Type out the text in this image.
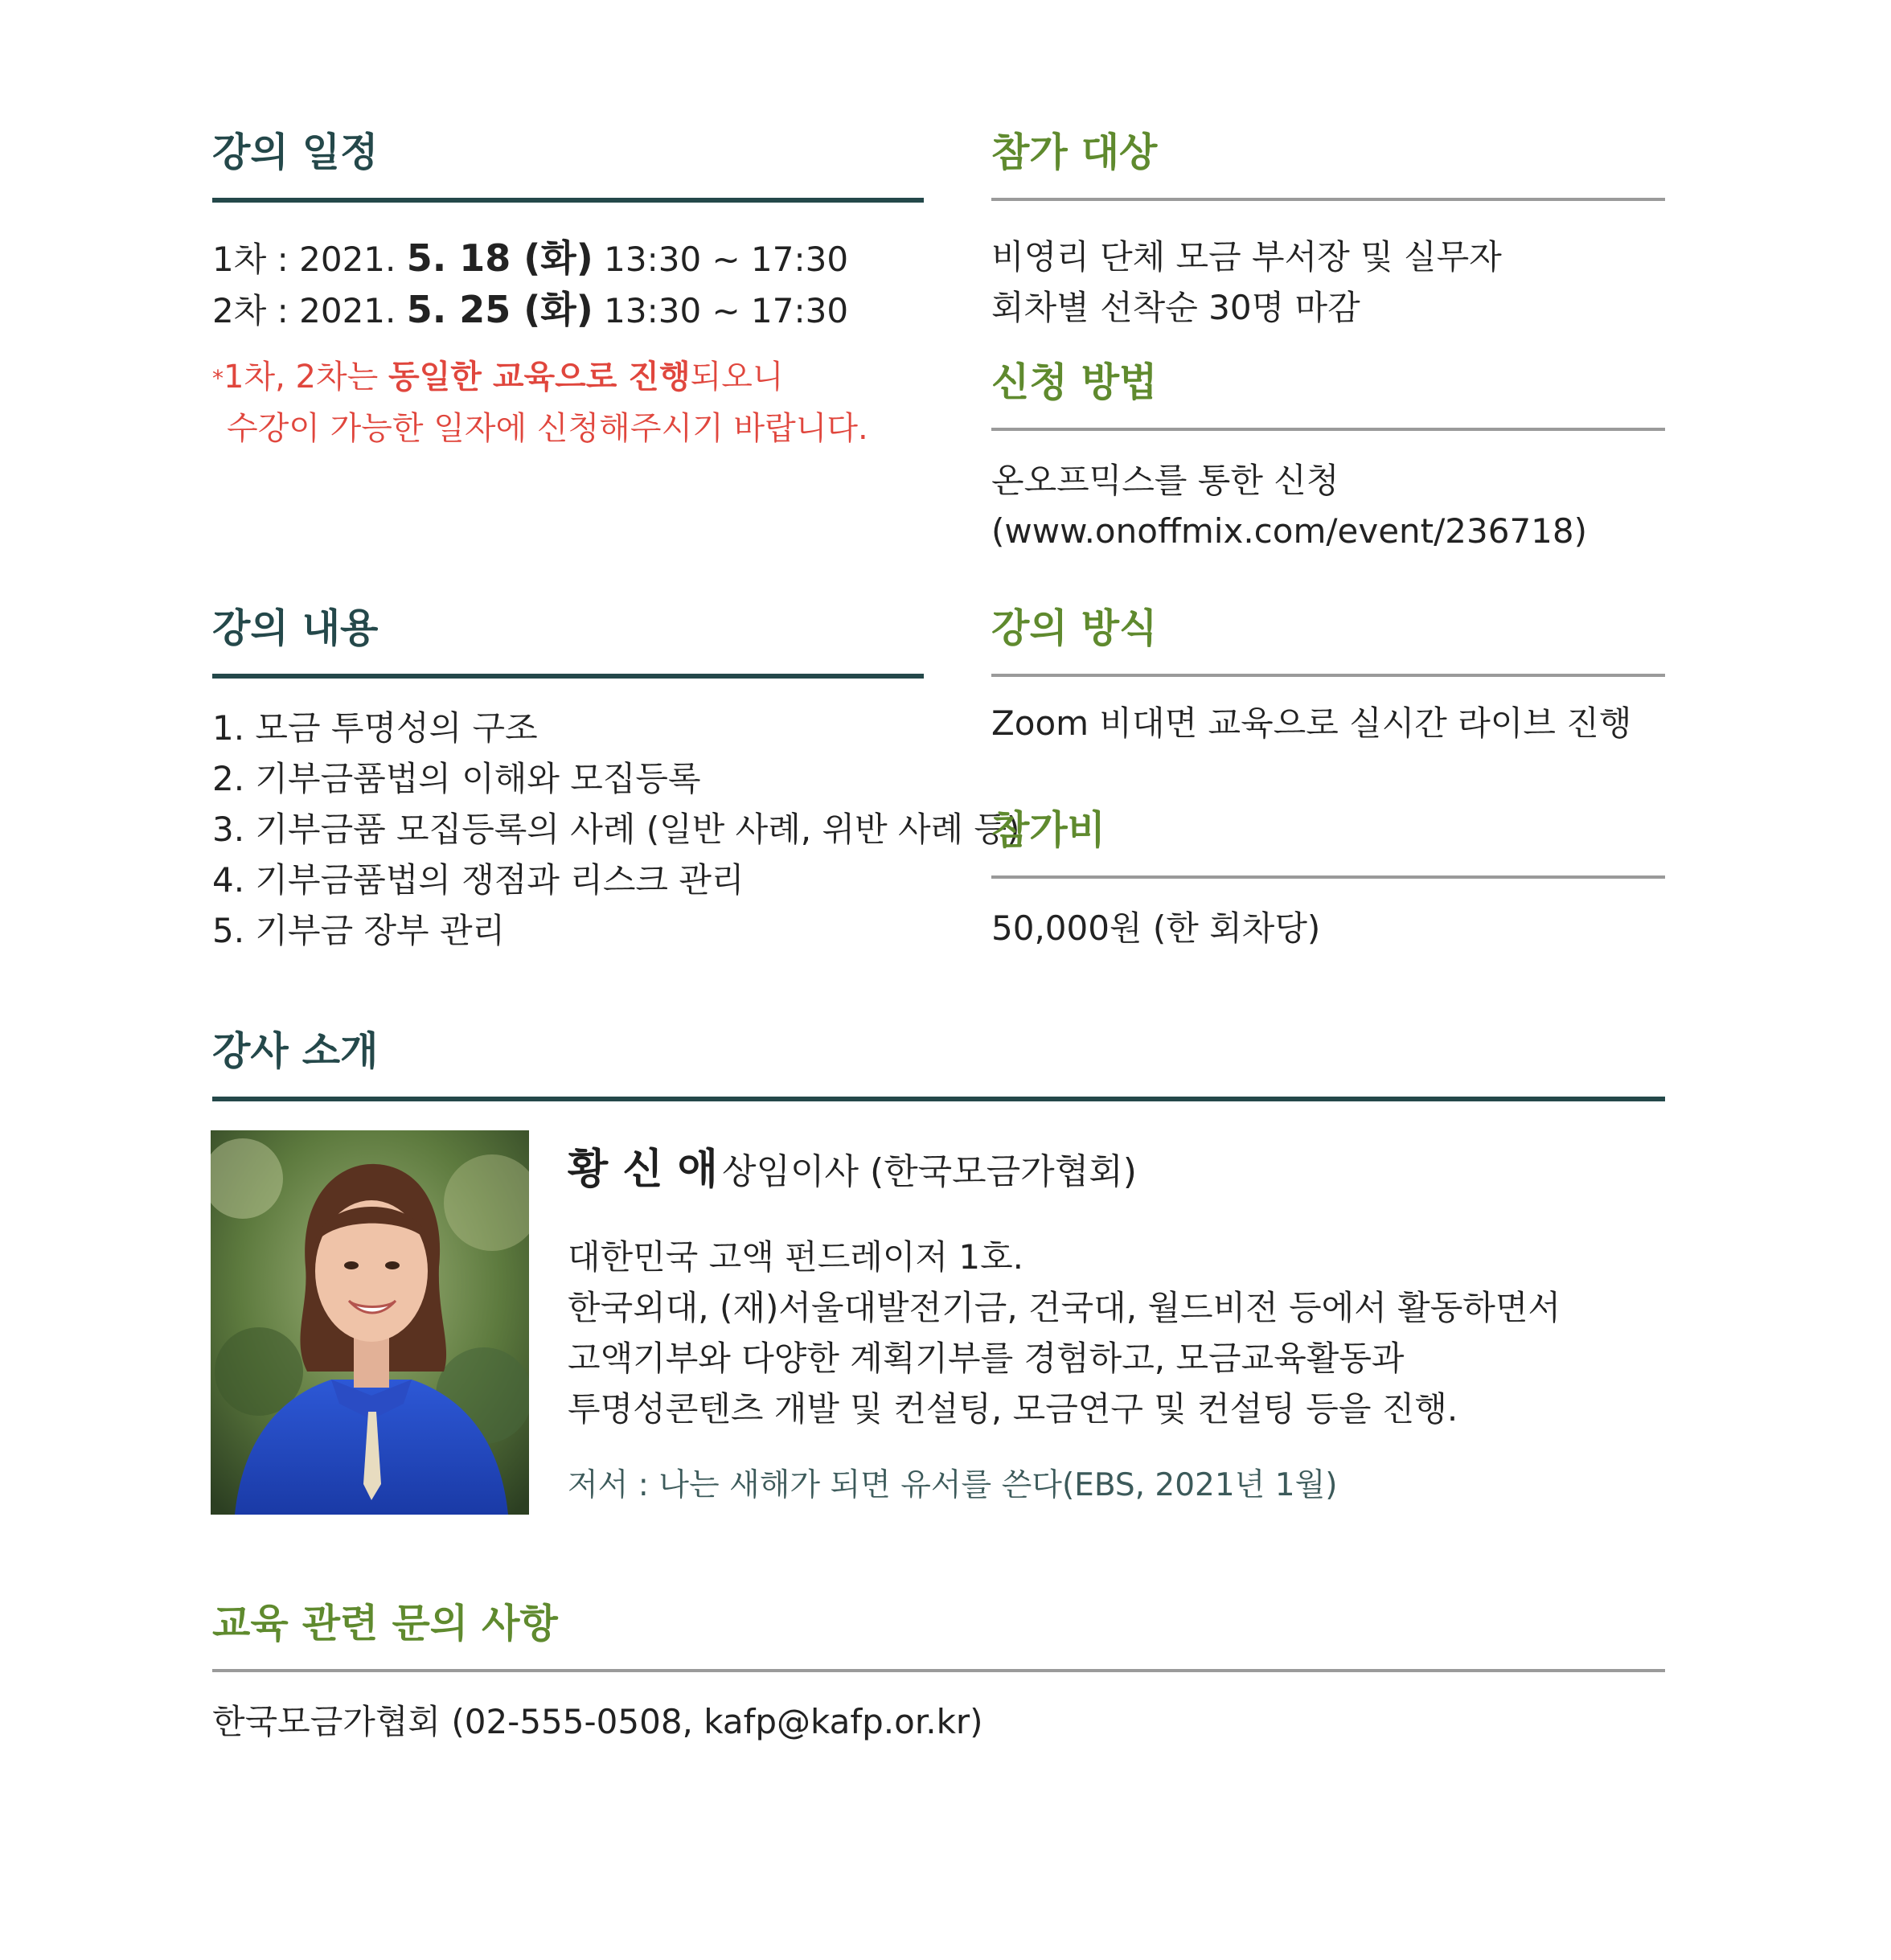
강의 일정
1차 : 2021. 5. 18 (화) 13:30 ~ 17:30
2차 : 2021. 5. 25 (화) 13:30 ~ 17:30
*1차, 2차는 동일한 교육으로 진행되오니
수강이 가능한 일자에 신청해주시기 바랍니다.
참가 대상
비영리 단체 모금 부서장 및 실무자
회차별 선착순 30명 마감
신청 방법
온오프믹스를 통한 신청
(www.onoffmix.com/event/236718)
강의 내용
1. 모금 투명성의 구조
2. 기부금품법의 이해와 모집등록
3. 기부금품 모집등록의 사례 (일반 사례, 위반 사례 등)
4. 기부금품법의 쟁점과 리스크 관리
5. 기부금 장부 관리
강의 방식
Zoom 비대면 교육으로 실시간 라이브 진행
참가비
50,000원 (한 회차당)
강사 소개
황 신 애 상임이사 (한국모금가협회)
대한민국 고액 펀드레이저 1호.
한국외대, (재)서울대발전기금, 건국대, 월드비전 등에서 활동하면서
고액기부와 다양한 계획기부를 경험하고, 모금교육활동과
투명성콘텐츠 개발 및 컨설팅, 모금연구 및 컨설팅 등을 진행.
저서 : 나는 새해가 되면 유서를 쓴다(EBS, 2021년 1월)
교육 관련 문의 사항
한국모금가협회 (02-555-0508, kafp@kafp.or.kr)
